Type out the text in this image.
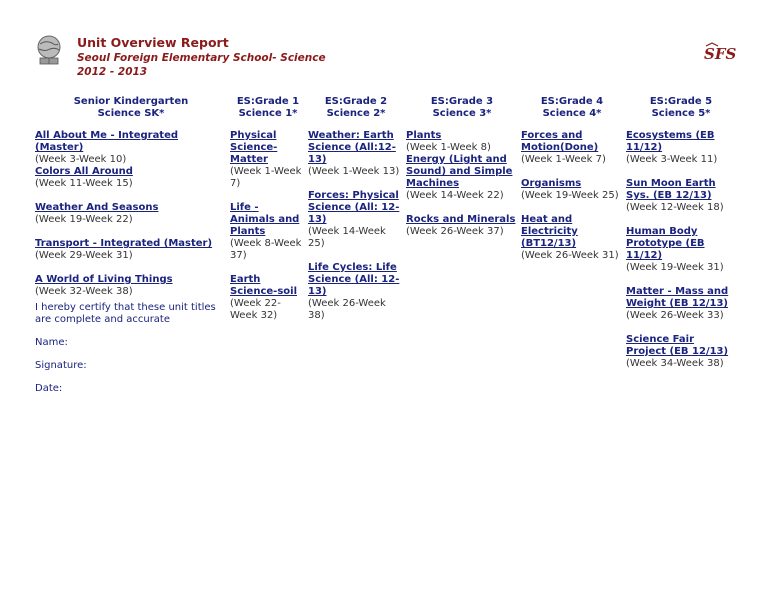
Unit Overview Report
Seoul Foreign Elementary School- Science
2012 - 2013
SFS
Senior Kindergarten
Science SK*
All About Me - Integrated (Master)
(Week 3-Week 10)
Colors All Around
(Week 11-Week 15)
Weather And Seasons
(Week 19-Week 22)
Transport - Integrated (Master)
(Week 29-Week 31)
A World of Living Things
(Week 32-Week 38)
I hereby certify that these unit titles are complete and accurate
Name:
Signature:
Date:
ES:Grade 1
Science 1*
Physical Science-Matter
(Week 1-Week 7)
Life - Animals and Plants
(Week 8-Week 37)
Earth Science-soil
(Week 22-Week 32)
ES:Grade 2
Science 2*
Weather: Earth Science (All:12-13)
(Week 1-Week 13)
Forces: Physical Science (All: 12-13)
(Week 14-Week 25)
Life Cycles: Life Science (All: 12-13)
(Week 26-Week 38)
ES:Grade 3
Science 3*
Plants
(Week 1-Week 8)
Energy (Light and Sound) and Simple Machines
(Week 14-Week 22)
Rocks and Minerals
(Week 26-Week 37)
ES:Grade 4
Science 4*
Forces and Motion(Done)
(Week 1-Week 7)
Organisms
(Week 19-Week 25)
Heat and Electricity (BT12/13)
(Week 26-Week 31)
ES:Grade 5
Science 5*
Ecosystems (EB 11/12)
(Week 3-Week 11)
Sun Moon Earth Sys. (EB 12/13)
(Week 12-Week 18)
Human Body Prototype (EB 11/12)
(Week 19-Week 31)
Matter - Mass and Weight (EB 12/13)
(Week 26-Week 33)
Science Fair Project (EB 12/13)
(Week 34-Week 38)
